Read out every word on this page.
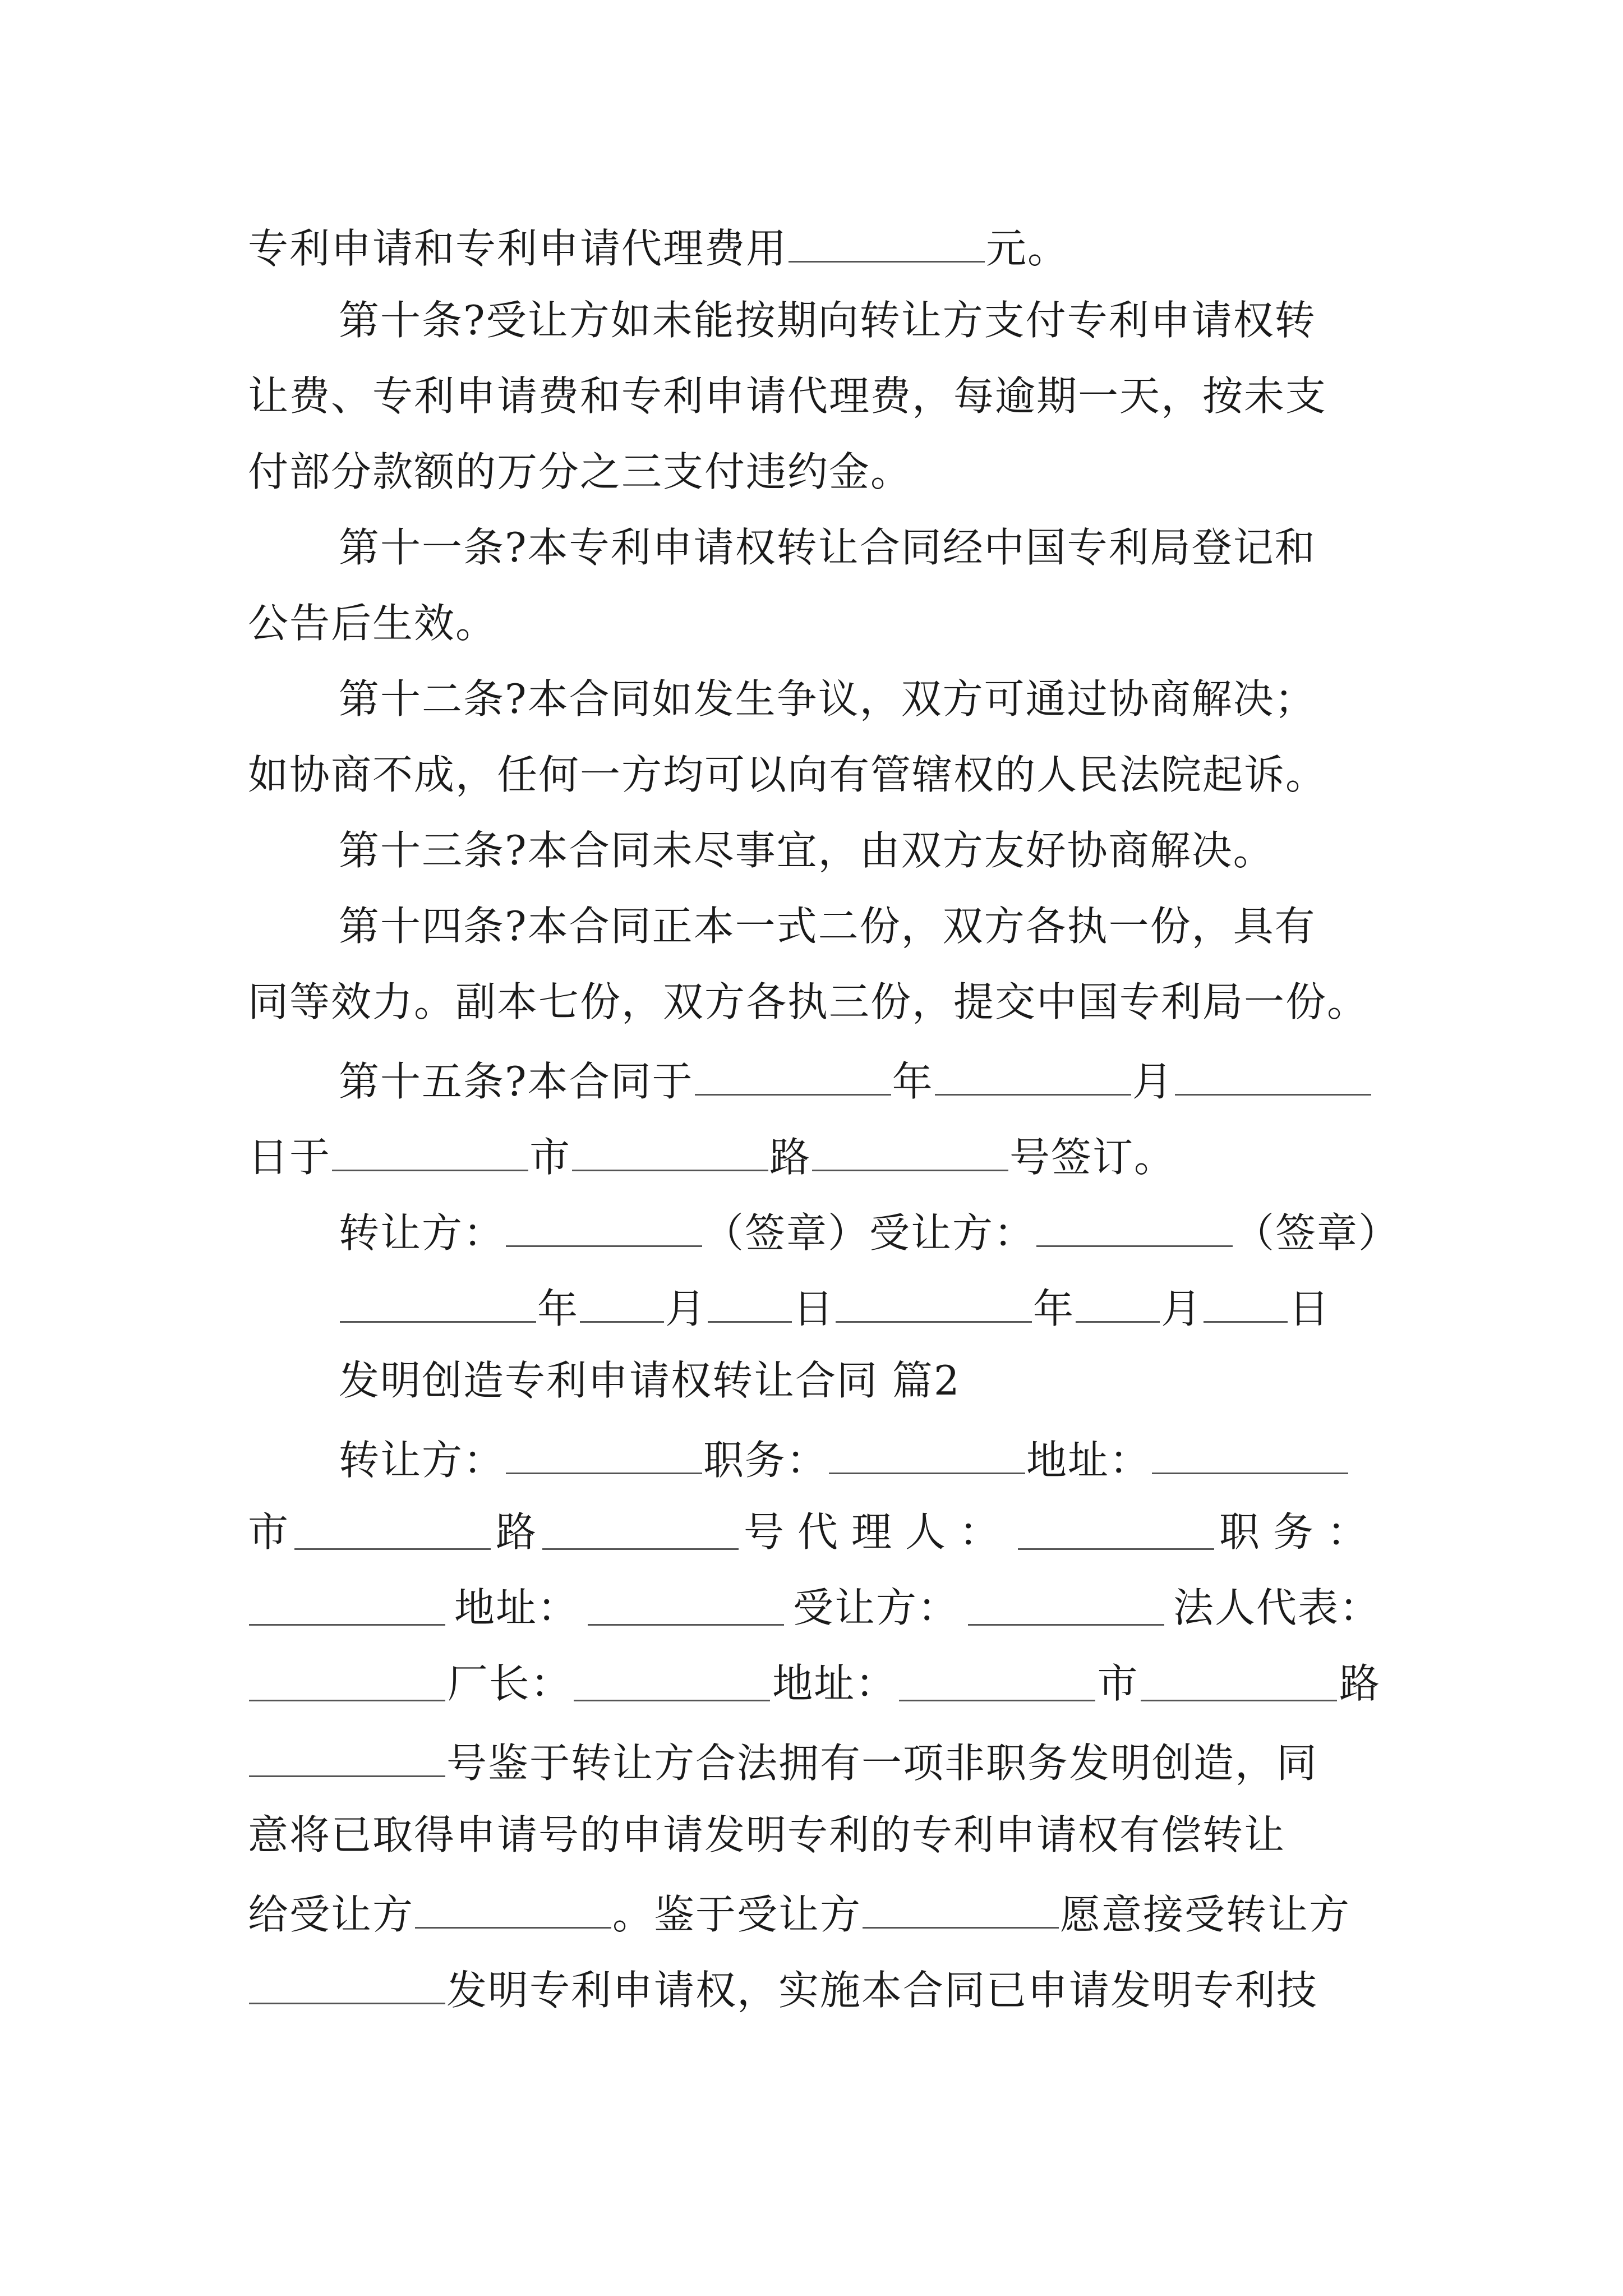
专利申请和专利申请代理费用	元。
第十条?受让方如未能按期向转让方支付专利申请权转
让费、专利申请费和专利申请代理费，每逾期一天，按未支
付部分款额的万分之三支付违约金。
第十一条?本专利申请权转让合同经中国专利局登记和
公告后生效。
第十二条?本合同如发生争议，双方可通过协商解决；
如协商不成，任何一方均可以向有管辖权的人民法院起诉。
第十三条?本合同未尽事宜，由双方友好协商解决。
第十四条?本合同正本一式二份，双方各执一份，具有
同等效力。副本七份，双方各执三份，提交中国专利局一份。
第十五条?本合同于	年	月
日于	市	路	号签订。
转让方：	（签章）受让方：	（签章）
年 月 日	年 月 日
发明创造专利申请权转让合同 篇2
转让方：	职务：	地址：
市	路	号代理人：	职务：
地址：	受让方：	法人代表：
厂长：	地址：	市	路
号鉴于转让方合法拥有一项非职务发明创造，同
意将已取得申请号的申请发明专利的专利申请权有偿转让
给受让方	。鉴于受让方	愿意接受转让方
发明专利申请权，实施本合同已申请发明专利技
